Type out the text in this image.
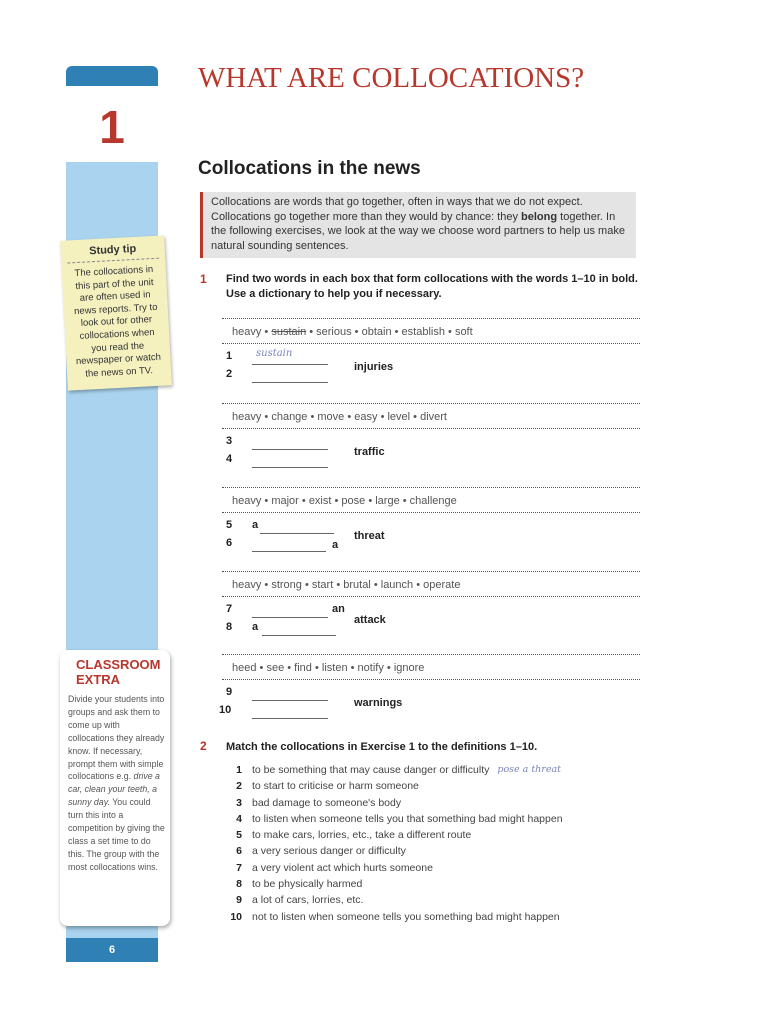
1
6
Study tip
The collocations in this part of the unit are often used in news reports. Try to look out for other collocations when you read the newspaper or watch the news on TV.
CLASSROOM EXTRA
Divide your students into groups and ask them to come up with collocations they already know. If necessary, prompt them with simple collocations e.g. drive a car, clean your teeth, a sunny day. You could turn this into a competition by giving the class a set time to do this. The group with the most collocations wins.
WHAT ARE COLLOCATIONS?
Collocations in the news
Collocations are words that go together, often in ways that we do not expect. Collocations go together more than they would by chance: they belong together. In the following exercises, we look at the way we choose word partners to help us make natural sounding sentences.
1 Find two words in each box that form collocations with the words 1–10 in bold. Use a dictionary to help you if necessary.
heavy • sustain • serious • obtain • establish • soft
1
2
sustain
injuries
heavy • change • move • easy • level • divert
3
4
traffic
heavy • major • exist • pose • large • challenge
5
6
a
a
threat
heavy • strong • start • brutal • launch • operate
7
8
an
a
attack
heed • see • find • listen • notify • ignore
9
10
warnings
2 Match the collocations in Exercise 1 to the definitions 1–10.
1 to be something that may cause danger or difficulty pose a threat
2 to start to criticise or harm someone
3 bad damage to someone's body
4 to listen when someone tells you that something bad might happen
5 to make cars, lorries, etc., take a different route
6 a very serious danger or difficulty
7 a very violent act which hurts someone
8 to be physically harmed
9 a lot of cars, lorries, etc.
10 not to listen when someone tells you something bad might happen
